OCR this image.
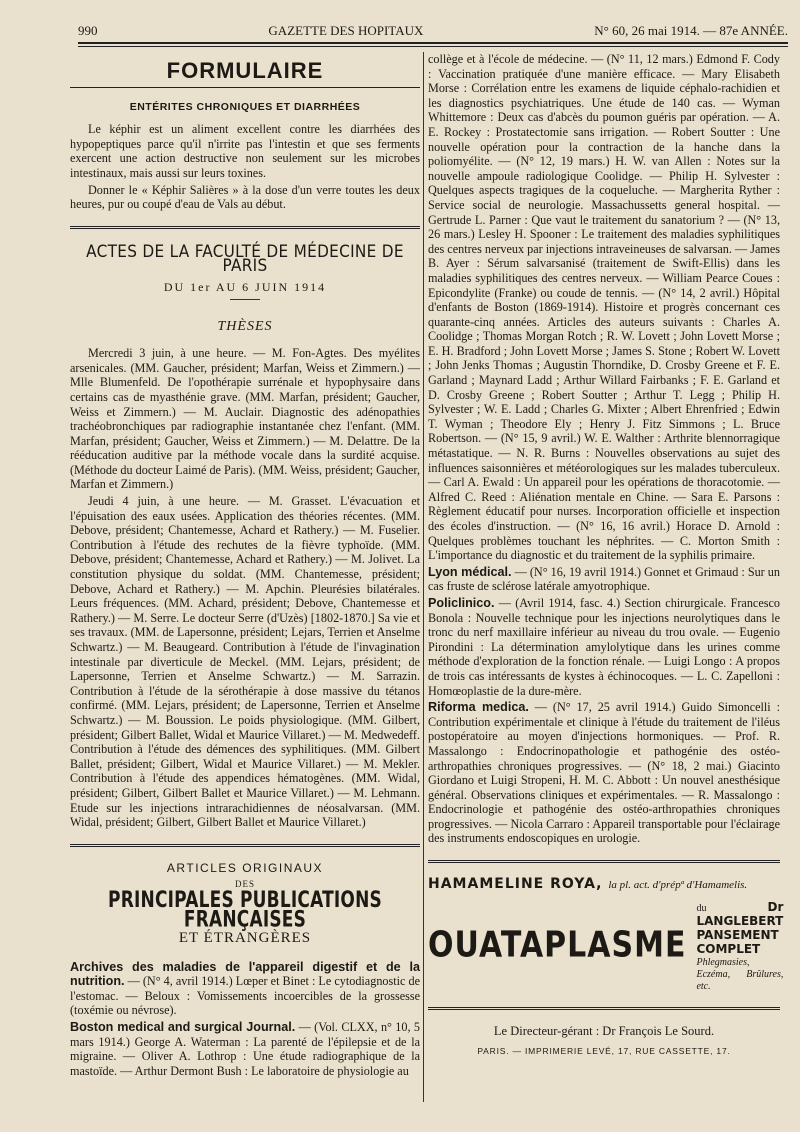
990	GAZETTE DES HOPITAUX	N° 60, 26 mai 1914. — 87e ANNÉE.
FORMULAIRE
ENTÉRITES CHRONIQUES ET DIARRHÉES

Le képhir est un aliment excellent contre les diarrhées des hypopeptiques parce qu'il n'irrite pas l'intestin et que ses ferments exercent une action destructive non seulement sur les microbes intestinaux, mais aussi sur leurs toxines.

Donner le « Képhir Salières » à la dose d'un verre toutes les deux heures, pur ou coupé d'eau de Vals au début.

ACTES DE LA FACULTÉ DE MÉDECINE DE PARIS
DU 1er AU 6 JUIN 1914
THÈSES

Mercredi 3 juin, à une heure. — M. Fon-Agtes. Des myélites arsenicales. (MM. Gaucher, président; Marfan, Weiss et Zimmern.) — Mlle Blumenfeld. De l'opothérapie surrénale et hypophysaire dans certains cas de myasthénie grave. (MM. Marfan, président; Gaucher, Weiss et Zimmern.) — M. Auclair. Diagnostic des adénopathies trachéobronchiques par radiographie instantanée chez l'enfant. (MM. Marfan, président; Gaucher, Weiss et Zimmern.) — M. Delattre. De la rééducation auditive par la méthode vocale dans la surdité acquise. (Méthode du docteur Laimé de Paris). (MM. Weiss, président; Gaucher, Marfan et Zimmern.)

Jeudi 4 juin, à une heure. — M. Grasset. L'évacuation et l'épuisation des eaux usées. Application des théories récentes. (MM. Debove, président; Chantemesse, Achard et Rathery.) — M. Fuselier. Contribution à l'étude des rechutes de la fièvre typhoïde. (MM. Debove, président; Chantemesse, Achard et Rathery.) — M. Jolivet. La constitution physique du soldat. (MM. Chantemesse, président; Debove, Achard et Rathery.) — M. Apchin. Pleurésies bilatérales. Leurs fréquences. (MM. Achard, président; Debove, Chantemesse et Rathery.) — M. Serre. Le docteur Serre (d'Uzès) [1802-1870.] Sa vie et ses travaux. (MM. de Lapersonne, président; Lejars, Terrien et Anselme Schwartz.) — M. Beaugeard. Contribution à l'étude de l'invagination intestinale par diverticule de Meckel. (MM. Lejars, président; de Lapersonne, Terrien et Anselme Schwartz.) — M. Sarrazin. Contribution à l'étude de la sérothérapie à dose massive du tétanos confirmé. (MM. Lejars, président; de Lapersonne, Terrien et Anselme Schwartz.) — M. Boussion. Le poids physiologique. (MM. Gilbert, président; Gilbert Ballet, Widal et Maurice Villaret.) — M. Medwedeff. Contribution à l'étude des démences des syphilitiques. (MM. Gilbert Ballet, président; Gilbert, Widal et Maurice Villaret.) — M. Mekler. Contribution à l'étude des appendices hématogènes. (MM. Widal, président; Gilbert, Gilbert Ballet et Maurice Villaret.) — M. Lehmann. Etude sur les injections intrarachidiennes de néosalvarsan. (MM. Widal, président; Gilbert, Gilbert Ballet et Maurice Villaret.)

ARTICLES ORIGINAUX
DES
PRINCIPALES PUBLICATIONS FRANÇAISES
ET ÉTRANGÈRES

Archives des maladies de l'appareil digestif et de la nutrition. — (N° 4, avril 1914.) Lœper et Binet : Le cytodiagnostic de l'estomac. — Beloux : Vomissements incoercibles de la grossesse (toxémie ou névrose).

Boston medical and surgical Journal. — (Vol. CLXX, n° 10, 5 mars 1914.) George A. Waterman : La parenté de l'épilepsie et de la migraine. — Oliver A. Lothrop : Une étude radiographique de la mastoïde. — Arthur Dermont Bush : Le laboratoire de physiologie au

collège et à l'école de médecine. — (N° 11, 12 mars.) Edmond F. Cody : Vaccination pratiquée d'une manière efficace. — Mary Elisabeth Morse : Corrélation entre les examens de liquide céphalo-rachidien et les diagnostics psychiatriques. Une étude de 140 cas. — Wyman Whittemore : Deux cas d'abcès du poumon guéris par opération. — A. E. Rockey : Prostatectomie sans irrigation. — Robert Soutter : Une nouvelle opération pour la contraction de la hanche dans la poliomyélite. — (N° 12, 19 mars.) H. W. van Allen : Notes sur la nouvelle ampoule radiologique Coolidge. — Philip H. Sylvester : Quelques aspects tragiques de la coqueluche. — Margherita Ryther : Service social de neurologie. Massachussetts general hospital. — Gertrude L. Parner : Que vaut le traitement du sanatorium ? — (N° 13, 26 mars.) Lesley H. Spooner : Le traitement des maladies syphilitiques des centres nerveux par injections intraveineuses de salvarsan. — James B. Ayer : Sérum salvarsanisé (traitement de Swift-Ellis) dans les maladies syphilitiques des centres nerveux. — William Pearce Coues : Epicondylite (Franke) ou coude de tennis. — (N° 14, 2 avril.) Hôpital d'enfants de Boston (1869-1914). Histoire et progrès concernant ces quarante-cinq années. Articles des auteurs suivants : Charles A. Coolidge ; Thomas Morgan Rotch ; R. W. Lovett ; John Lovett Morse ; E. H. Bradford ; John Lovett Morse ; James S. Stone ; Robert W. Lovett ; John Jenks Thomas ; Augustin Thorndike, D. Crosby Greene et F. E. Garland ; Maynard Ladd ; Arthur Willard Fairbanks ; F. E. Garland et D. Crosby Greene ; Robert Soutter ; Arthur T. Legg ; Philip H. Sylvester ; W. E. Ladd ; Charles G. Mixter ; Albert Ehrenfried ; Edwin T. Wyman ; Theodore Ely ; Henry J. Fitz Simmons ; L. Bruce Robertson. — (N° 15, 9 avril.) W. E. Walther : Arthrite blennorragique métastatique. — N. R. Burns : Nouvelles observations au sujet des influences saisonnières et météorologiques sur les malades tuberculeux. — Carl A. Ewald : Un appareil pour les opérations de thoracotomie. — Alfred C. Reed : Aliénation mentale en Chine. — Sara E. Parsons : Règlement éducatif pour nurses. Incorporation officielle et inspection des écoles d'instruction. — (N° 16, 16 avril.) Horace D. Arnold : Quelques problèmes touchant les néphrites. — C. Morton Smith : L'importance du diagnostic et du traitement de la syphilis primaire.

Lyon médical. — (N° 16, 19 avril 1914.) Gonnet et Grimaud : Sur un cas fruste de sclérose latérale amyotrophique.

Policlinico. — (Avril 1914, fasc. 4.) Section chirurgicale. Francesco Bonola : Nouvelle technique pour les injections neurolytiques dans le tronc du nerf maxillaire inférieur au niveau du trou ovale. — Eugenio Pirondini : La détermination amylolytique dans les urines comme méthode d'exploration de la fonction rénale. — Luigi Longo : A propos de trois cas intéressants de kystes à échinocoques. — L. C. Zapelloni : Homœoplastie de la dure-mère.

Riforma medica. — (N° 17, 25 avril 1914.) Guido Simoncelli : Contribution expérimentale et clinique à l'étude du traitement de l'iléus postopératoire au moyen d'injections hormoniques. — Prof. R. Massalongo : Endocrinopathologie et pathogénie des ostéo-arthropathies chroniques progressives. — (N° 18, 2 mai.) Giacinto Giordano et Luigi Stropeni, H. M. C. Abbott : Un nouvel anesthésique général. Observations cliniques et expérimentales. — R. Massalongo : Endocrinologie et pathogénie des ostéo-arthropathies chroniques progressives. — Nicola Carraro : Appareil transportable pour l'éclairage des instruments endoscopiques en urologie.

HAMAMELINE ROYA, la pl. act. d'prépª d'Hamamelis.
OUATAPLASME
du Dr LANGLEBERT
PANSEMENT COMPLET
Phlegmasies, Eczéma, Brûlures, etc.
Le Directeur-gérant : Dr François Le Sourd.
PARIS. — IMPRIMERIE LEVÉ, 17, RUE CASSETTE, 17.
